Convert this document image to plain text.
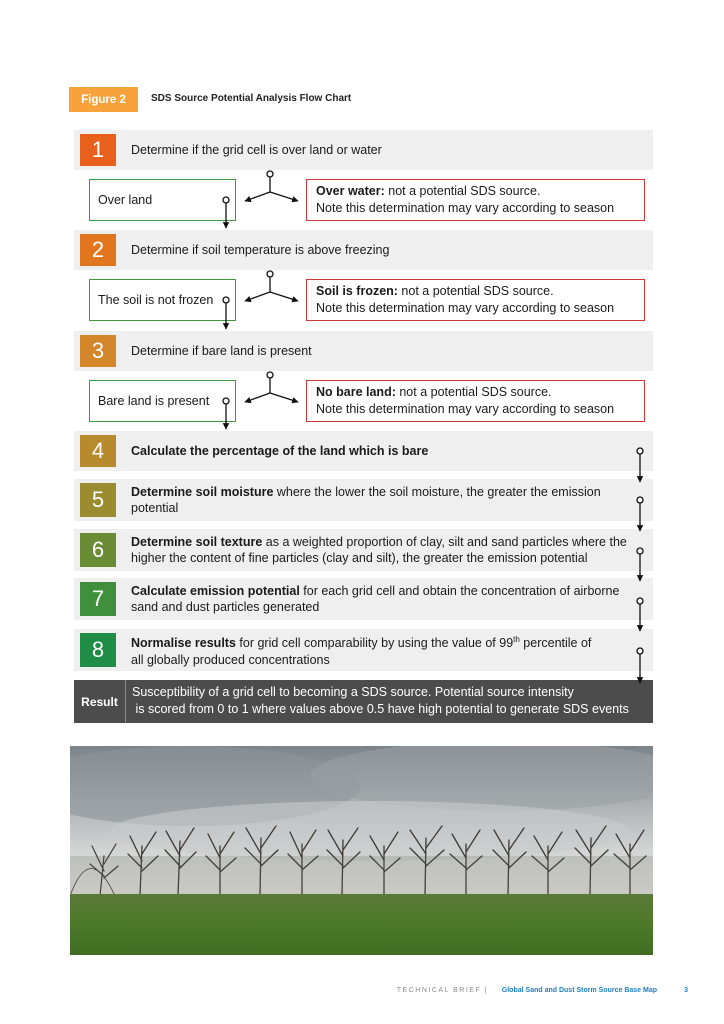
Figure 2	SDS Source Potential Analysis Flow Chart
1	Determine if the grid cell is over land or water
Over land
Over water: not a potential SDS source.
Note this determination may vary according to season
2	Determine if soil temperature is above freezing
The soil is not frozen
Soil is frozen: not a potential SDS source.
Note this determination may vary according to season
3	Determine if bare land is present
Bare land is present
No bare land: not a potential SDS source.
Note this determination may vary according to season
4	Calculate the percentage of the land which is bare
5	Determine soil moisture where the lower the soil moisture, the greater the emission potential
6	Determine soil texture as a weighted proportion of clay, silt and sand particles where the higher the content of fine particles (clay and silt), the greater the emission potential
7	Calculate emission potential for each grid cell and obtain the concentration of airborne sand and dust particles generated
8	Normalise results for grid cell comparability by using the value of 99th percentile of all globally produced concentrations
Result
Susceptibility of a grid cell to becoming a SDS source. Potential source intensity
is scored from 0 to 1 where values above 0.5 have high potential to generate SDS events
TECHNICAL BRIEF | Global Sand and Dust Storm Source Base Map	3
